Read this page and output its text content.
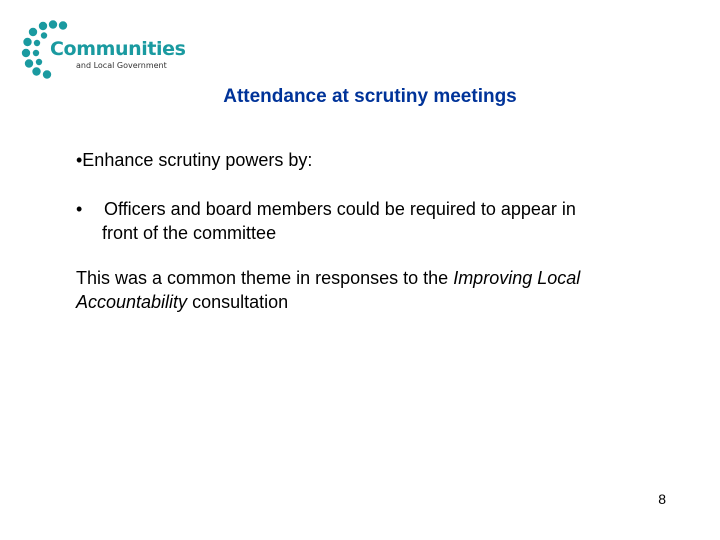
Communities
and Local Government
Attendance at scrutiny meetings
•Enhance scrutiny powers by:
•	Officers and board members could be required to appear in
front of the committee
This was a common theme in responses to the Improving Local Accountability consultation
8
